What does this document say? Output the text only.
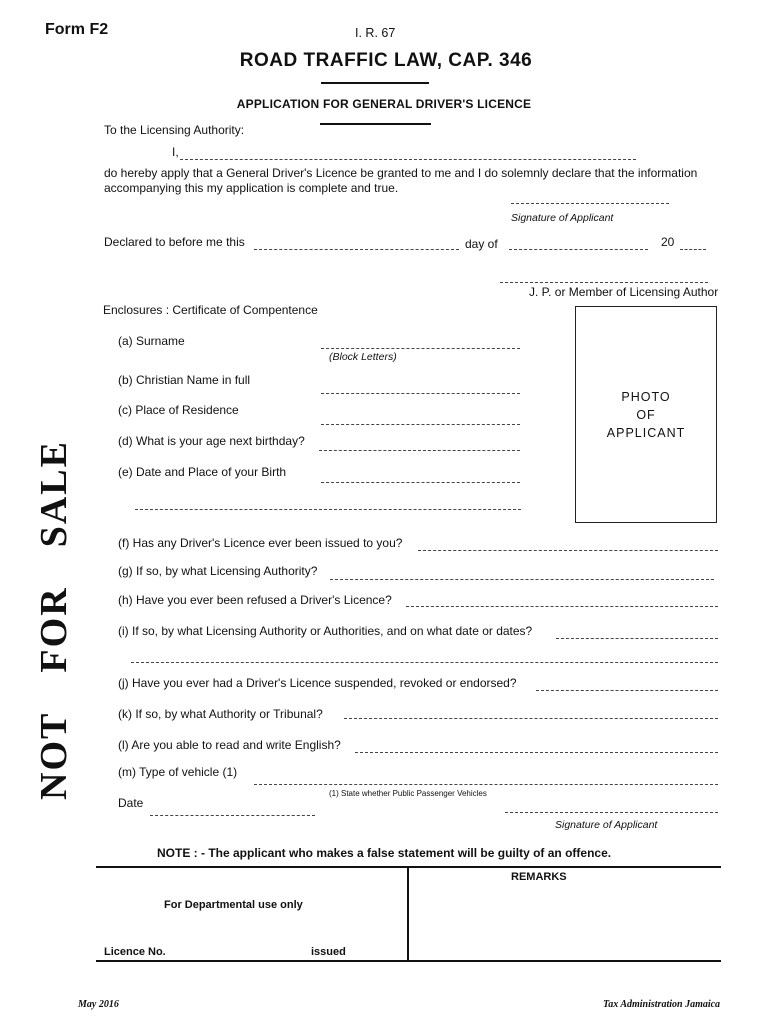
Form F2	I. R. 67
ROAD TRAFFIC LAW, CAP. 346
APPLICATION FOR GENERAL DRIVER'S LICENCE
To the Licensing Authority:
I,
do hereby apply that a General Driver's Licence be granted to me and I do solemnly declare that the information
accompanying this my application is complete and true.
Signature of Applicant
Declared to before me this	day of	20
J. P. or Member of Licensing Author
Enclosures : Certificate of Compentence
PHOTO
OF
APPLICANT
(a) Surname
(Block Letters)
(b) Christian Name in full
(c) Place of Residence
(d) What is your age next birthday?
(e) Date and Place of your Birth
(f) Has any Driver's Licence ever been issued to you?
(g) If so, by what Licensing Authority?
(h) Have you ever been refused a Driver's Licence?
(i) If so, by what Licensing Authority or Authorities, and on what date or dates?
(j) Have you ever had a Driver's Licence suspended, revoked or endorsed?
(k) If so, by what Authority or Tribunal?
(l) Are you able to read and write English?
(m) Type of vehicle (1)
(1) State whether Public Passenger Vehicles
Date
Signature of Applicant
NOTE : - The applicant who makes a false statement will be guilty of an offence.
REMARKS
For Departmental use only
Licence No.	issued
NOT
FOR
SALE
May 2016	Tax Administration Jamaica
